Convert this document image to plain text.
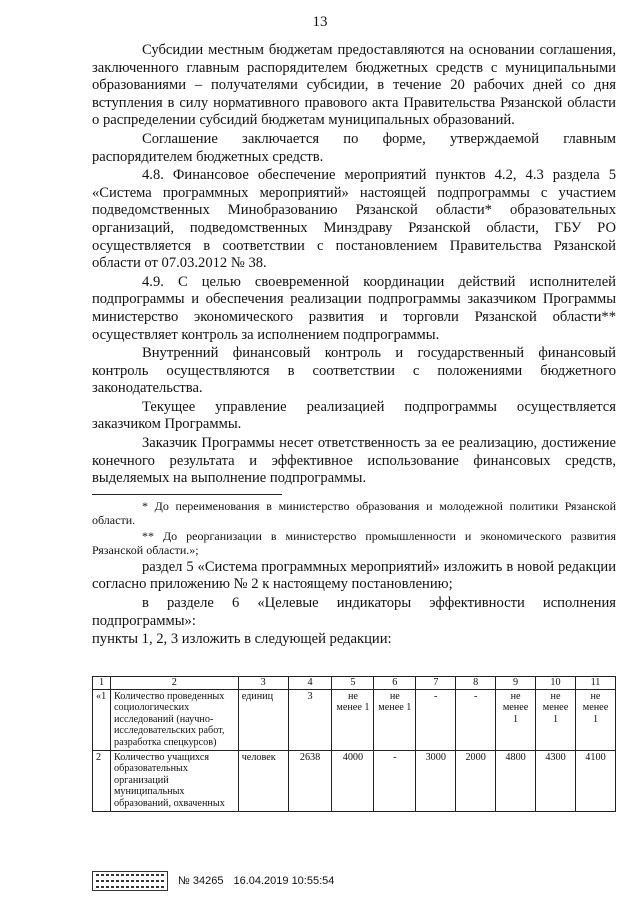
13

Субсидии местным бюджетам предоставляются на основании соглашения, заключенного главным распорядителем бюджетных средств с муниципальными образованиями – получателями субсидии, в течение 20 рабочих дней со дня вступления в силу нормативного правового акта Правительства Рязанской области о распределении субсидий бюджетам муниципальных образований.

Соглашение заключается по форме, утверждаемой главным распорядителем бюджетных средств.

4.8. Финансовое обеспечение мероприятий пунктов 4.2, 4.3 раздела 5 «Система программных мероприятий» настоящей подпрограммы с участием подведомственных Минобразованию Рязанской области* образовательных организаций, подведомственных Минздраву Рязанской области, ГБУ РО осуществляется в соответствии с постановлением Правительства Рязанской области от 07.03.2012 № 38.

4.9. С целью своевременной координации действий исполнителей подпрограммы и обеспечения реализации подпрограммы заказчиком Программы министерство экономического развития и торговли Рязанской области** осуществляет контроль за исполнением подпрограммы.

Внутренний финансовый контроль и государственный финансовый контроль осуществляются в соответствии с положениями бюджетного законодательства.

Текущее управление реализацией подпрограммы осуществляется заказчиком Программы.

Заказчик Программы несет ответственность за ее реализацию, достижение конечного результата и эффективное использование финансовых средств, выделяемых на выполнение подпрограммы.

* До переименования в министерство образования и молодежной политики Рязанской области.

** До реорганизации в министерство промышленности и экономического развития Рязанской области.»;

раздел 5 «Система программных мероприятий» изложить в новой редакции согласно приложению № 2 к настоящему постановлению;

в разделе 6 «Целевые индикаторы эффективности исполнения подпрограммы»:

пункты 1, 2, 3 изложить в следующей редакции:

1	2	3	4	5	6	7	8	9	10	11
«1	Количество проведенных социологических исследований (научно-исследовательских работ, разработка спецкурсов)	единиц	3	не менее 1	не менее 1	-	-	не менее 1	не менее 1	не менее 1
2	Количество учащихся образовательных организаций муниципальных образований, охваченных	человек	2638	4000	-	3000	2000	4800	4300	4100
№ 34265 16.04.2019 10:55:54
